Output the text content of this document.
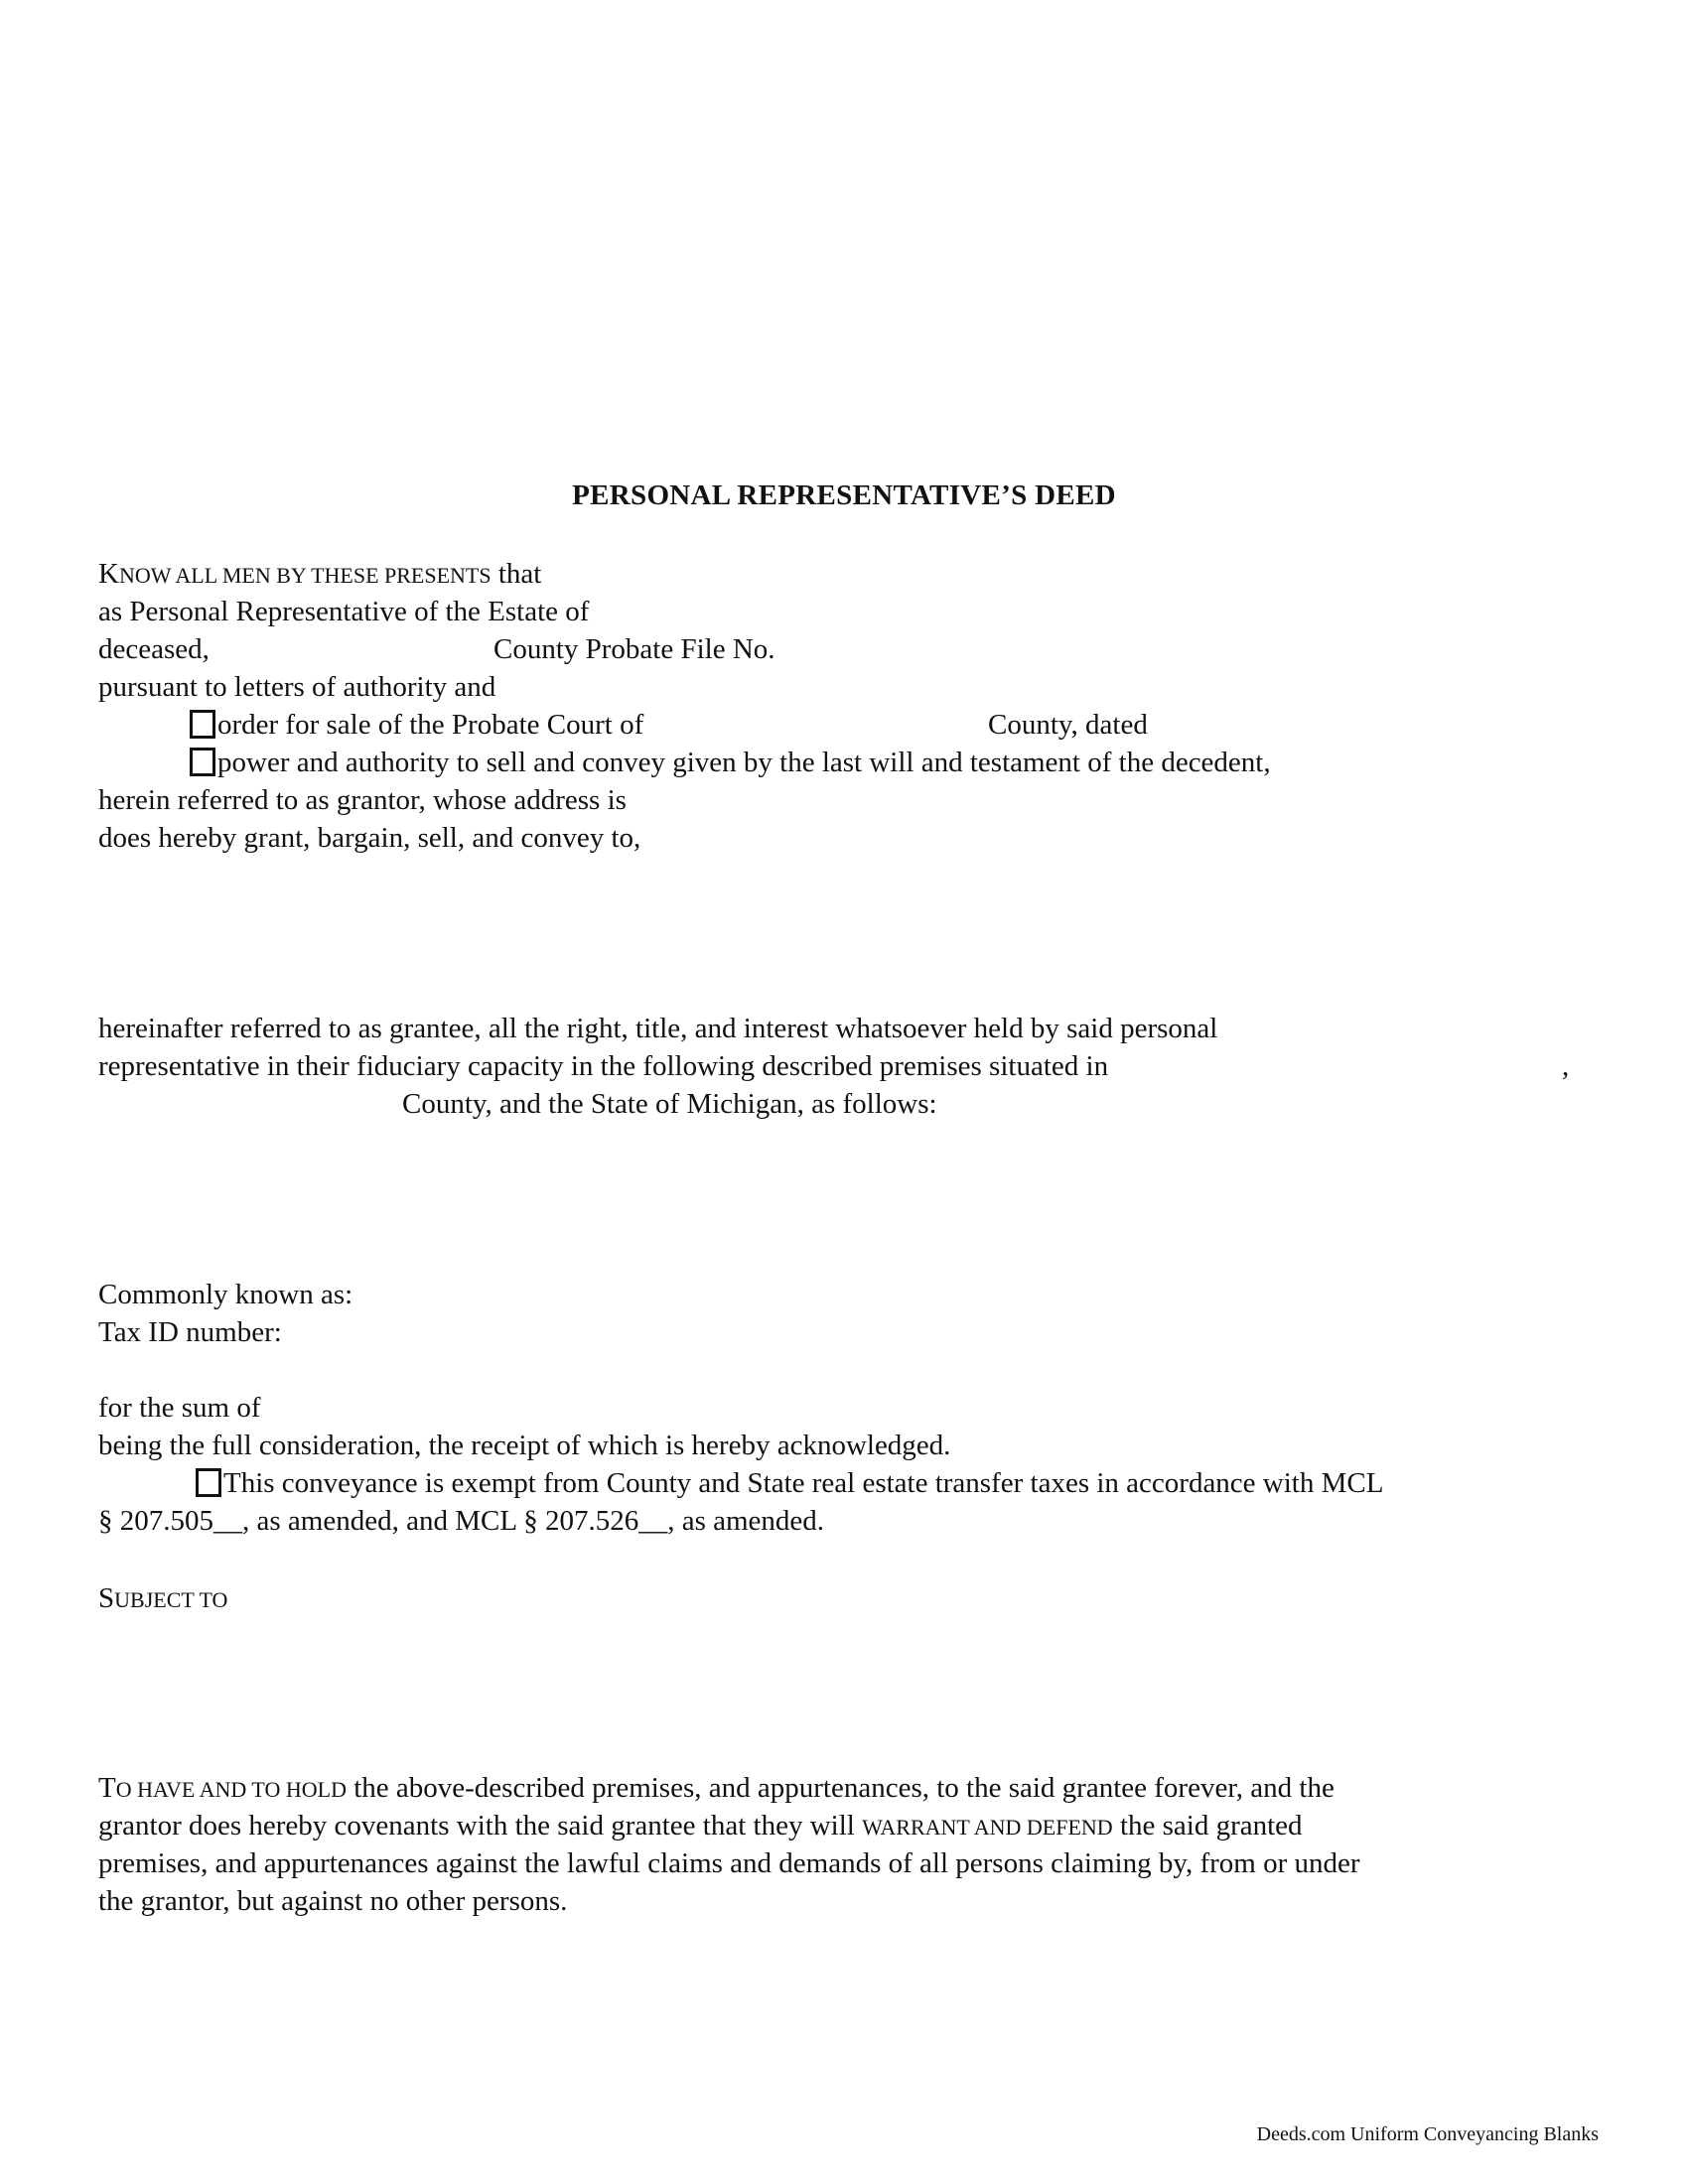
PERSONAL REPRESENTATIVE’S DEED
KNOW ALL MEN BY THESE PRESENTS that
as Personal Representative of the Estate of
deceased,	County Probate File No.
pursuant to letters of authority and
order for sale of the Probate Court of	County, dated
power and authority to sell and convey given by the last will and testament of the decedent,
herein referred to as grantor, whose address is
does hereby grant, bargain, sell, and convey to,
hereinafter referred to as grantee, all the right, title, and interest whatsoever held by said personal
representative in their fiduciary capacity in the following described premises situated in	,
County, and the State of Michigan, as follows:
Commonly known as:
Tax ID number:
for the sum of
being the full consideration, the receipt of which is hereby acknowledged.
This conveyance is exempt from County and State real estate transfer taxes in accordance with MCL
§ 207.505__, as amended, and MCL § 207.526__, as amended.
SUBJECT TO
TO HAVE AND TO HOLD the above-described premises, and appurtenances, to the said grantee forever, and the
grantor does hereby covenants with the said grantee that they will WARRANT AND DEFEND the said granted
premises, and appurtenances against the lawful claims and demands of all persons claiming by, from or under
the grantor, but against no other persons.
Deeds.com Uniform Conveyancing Blanks
